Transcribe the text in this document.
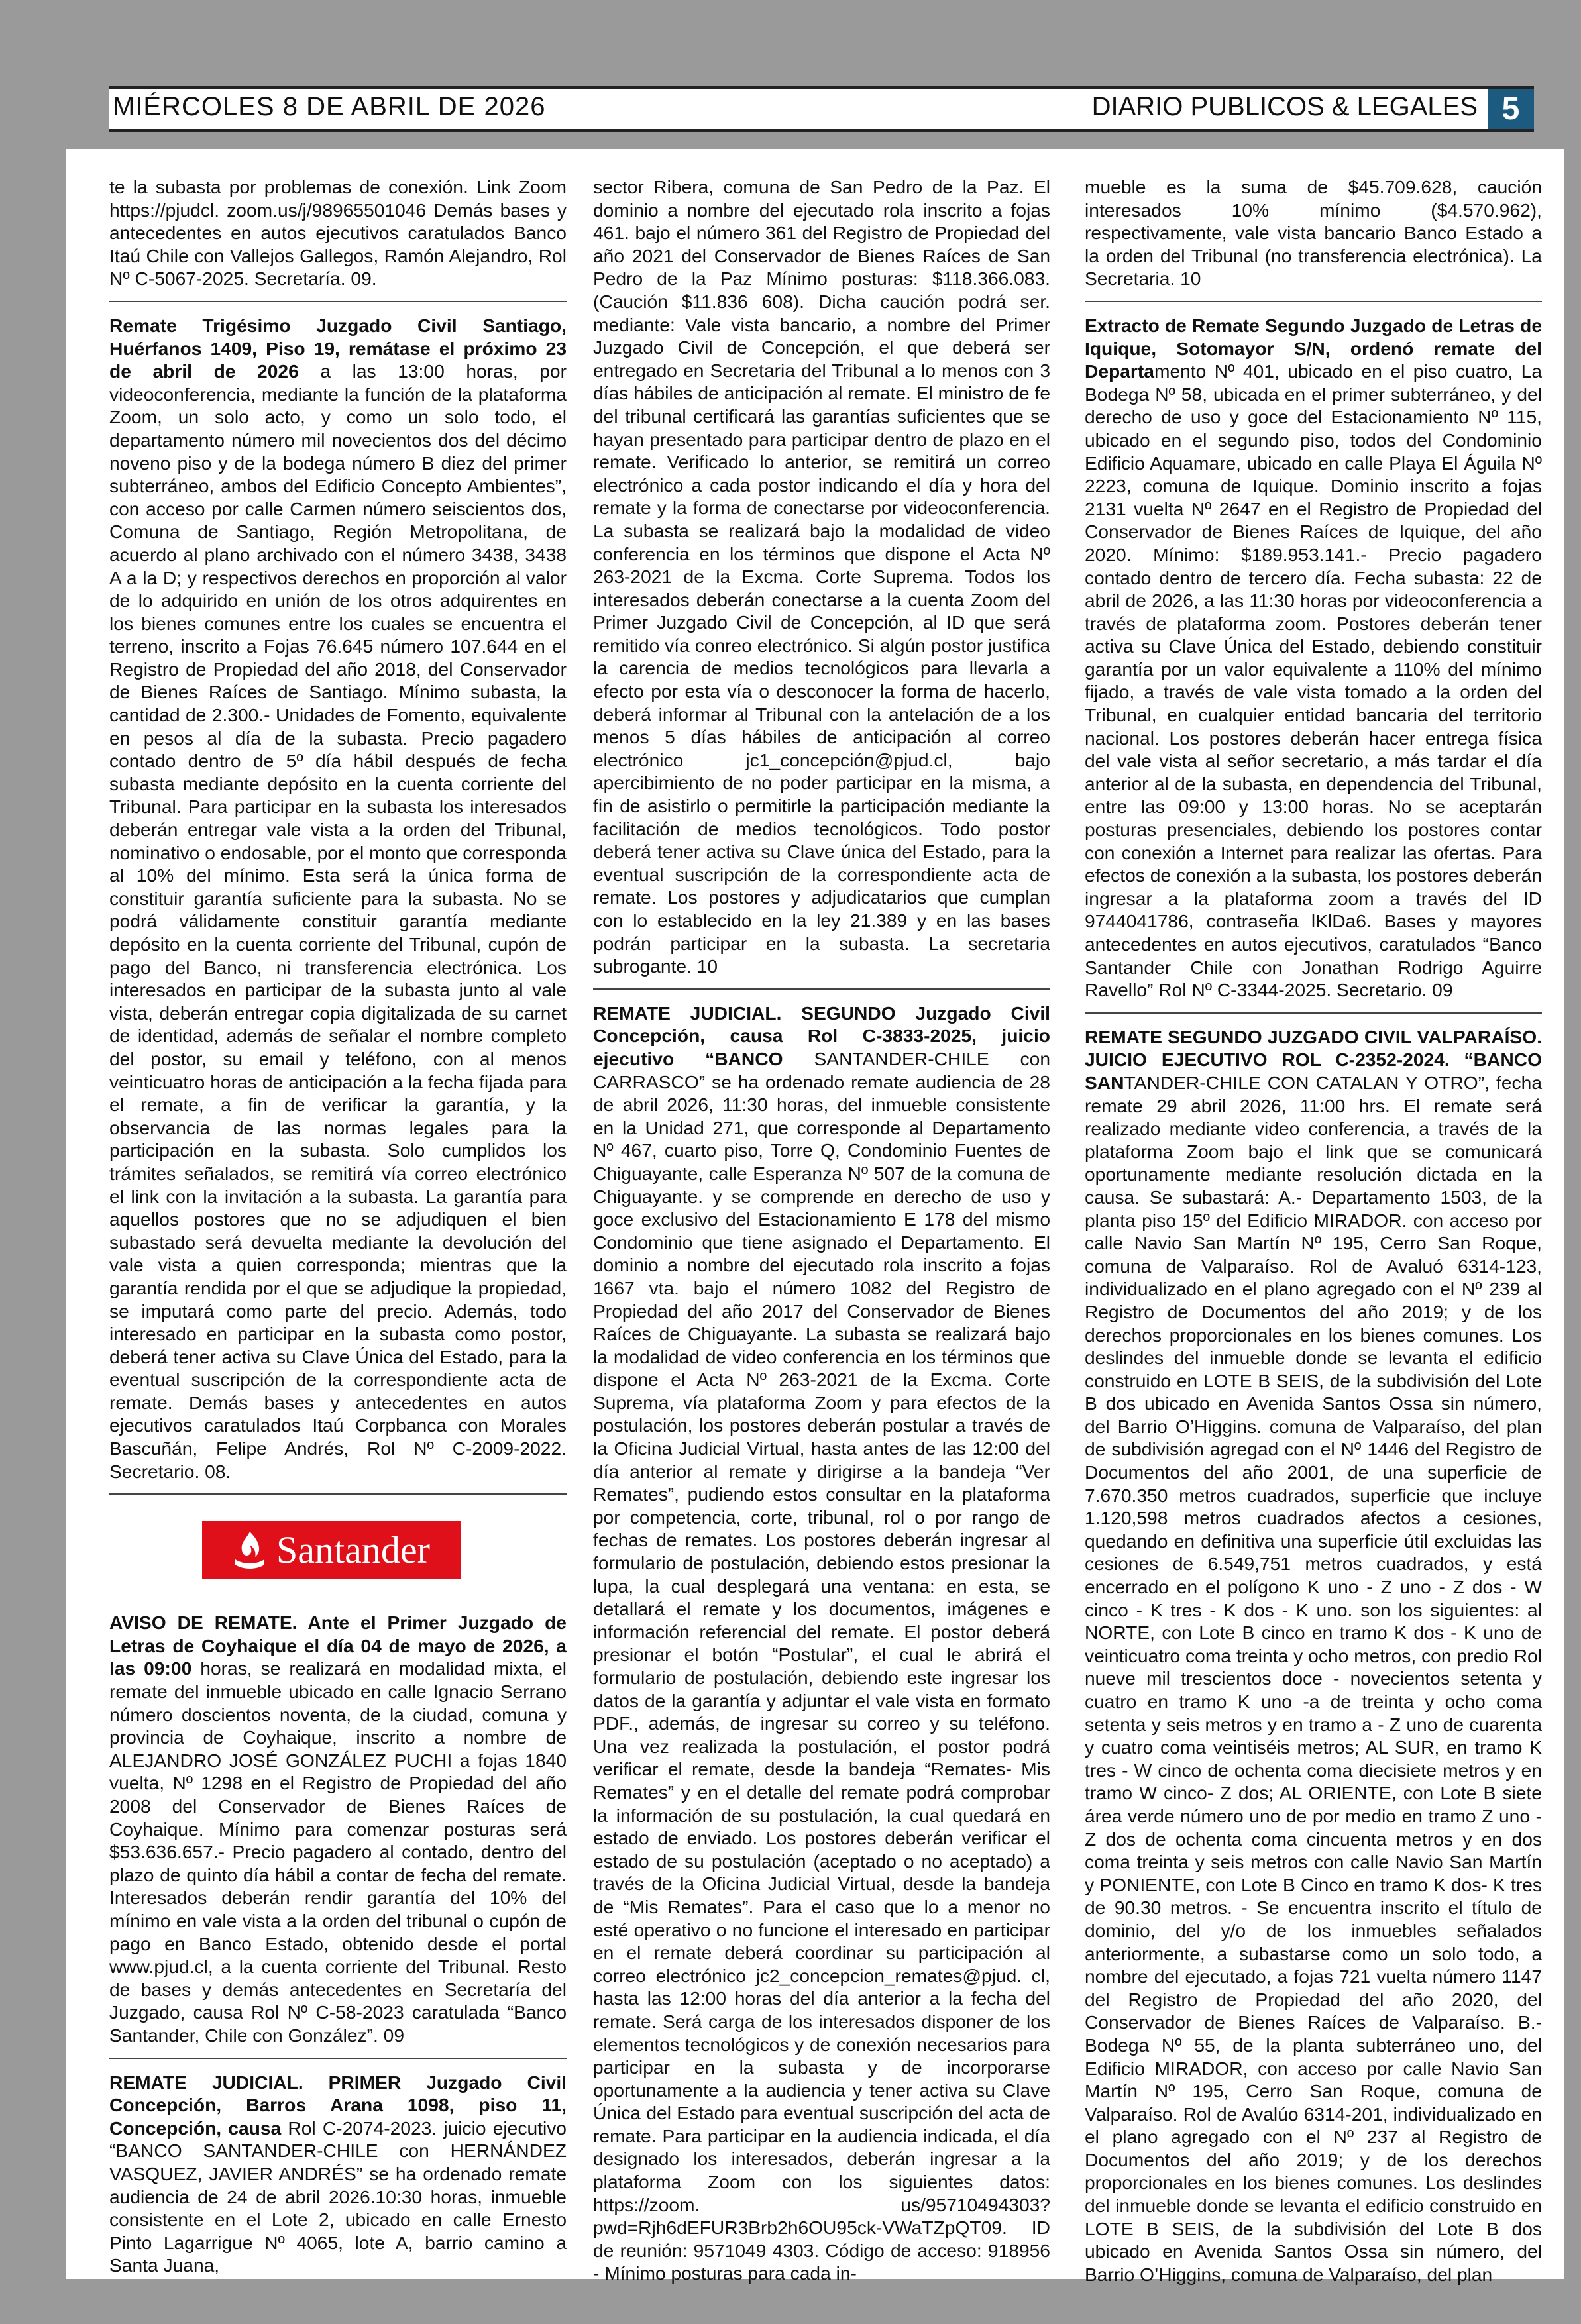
MIÉRCOLES 8 DE ABRIL DE 2026	DIARIO PUBLICOS & LEGALES 5

te la subasta por problemas de conexión. Link Zoom https://pjudcl. zoom.us/j/98965501046 Demás bases y antecedentes en autos ejecutivos caratulados Banco Itaú Chile con Vallejos Gallegos, Ramón Alejandro, Rol Nº C-5067-2025. Secretaría. 09.

Remate Trigésimo Juzgado Civil Santiago, Huérfanos 1409, Piso 19, remátase el próximo 23 de abril de 2026 a las 13:00 horas, por videoconferencia, mediante la función de la plataforma Zoom, un solo acto, y como un solo todo, el departamento número mil novecientos dos del décimo noveno piso y de la bodega número B diez del primer subterráneo, ambos del Edificio Concepto Ambientes”, con acceso por calle Carmen número seiscientos dos, Comuna de Santiago, Región Metropolitana, de acuerdo al plano archivado con el número 3438, 3438 A a la D; y respectivos derechos en proporción al valor de lo adquirido en unión de los otros adquirentes en los bienes comunes entre los cuales se encuentra el terreno, inscrito a Fojas 76.645 número 107.644 en el Registro de Propiedad del año 2018, del Conservador de Bienes Raíces de Santiago. Mínimo subasta, la cantidad de 2.300.- Unidades de Fomento, equivalente en pesos al día de la subasta. Precio pagadero contado dentro de 5º día hábil después de fecha subasta mediante depósito en la cuenta corriente del Tribunal. Para participar en la subasta los interesados deberán entregar vale vista a la orden del Tribunal, nominativo o endosable, por el monto que corresponda al 10% del mínimo. Esta será la única forma de constituir garantía suficiente para la subasta. No se podrá válidamente constituir garantía mediante depósito en la cuenta corriente del Tribunal, cupón de pago del Banco, ni transferencia electrónica. Los interesados en participar de la subasta junto al vale vista, deberán entregar copia digitalizada de su carnet de identidad, además de señalar el nombre completo del postor, su email y teléfono, con al menos veinticuatro horas de anticipación a la fecha fijada para el remate, a fin de verificar la garantía, y la observancia de las normas legales para la participación en la subasta. Solo cumplidos los trámites señalados, se remitirá vía correo electrónico el link con la invitación a la subasta. La garantía para aquellos postores que no se adjudiquen el bien subastado será devuelta mediante la devolución del vale vista a quien corresponda; mientras que la garantía rendida por el que se adjudique la propiedad, se imputará como parte del precio. Además, todo interesado en participar en la subasta como postor, deberá tener activa su Clave Única del Estado, para la eventual suscripción de la correspondiente acta de remate. Demás bases y antecedentes en autos ejecutivos caratulados Itaú Corpbanca con Morales Bascuñán, Felipe Andrés, Rol Nº C-2009-2022. Secretario. 08.

Santander

AVISO DE REMATE. Ante el Primer Juzgado de Letras de Coyhaique el día 04 de mayo de 2026, a las 09:00 horas, se realizará en modalidad mixta, el remate del inmueble ubicado en calle Ignacio Serrano número doscientos noventa, de la ciudad, comuna y provincia de Coyhaique, inscrito a nombre de ALEJANDRO JOSÉ GONZÁLEZ PUCHI a fojas 1840 vuelta, Nº 1298 en el Registro de Propiedad del año 2008 del Conservador de Bienes Raíces de Coyhaique. Mínimo para comenzar posturas será $53.636.657.- Precio pagadero al contado, dentro del plazo de quinto día hábil a contar de fecha del remate. Interesados deberán rendir garantía del 10% del mínimo en vale vista a la orden del tribunal o cupón de pago en Banco Estado, obtenido desde el portal www.pjud.cl, a la cuenta corriente del Tribunal. Resto de bases y demás antecedentes en Secretaría del Juzgado, causa Rol Nº C-58-2023 caratulada “Banco Santander, Chile con González”. 09

REMATE JUDICIAL. PRIMER Juzgado Civil Concepción, Barros Arana 1098, piso 11, Concepción, causa Rol C-2074-2023. juicio ejecutivo “BANCO SANTANDER-CHILE con HERNÁNDEZ VASQUEZ, JAVIER ANDRÉS” se ha ordenado remate audiencia de 24 de abril 2026.10:30 horas, inmueble consistente en el Lote 2, ubicado en calle Ernesto Pinto Lagarrigue Nº 4065, lote A, barrio camino a Santa Juana,

sector Ribera, comuna de San Pedro de la Paz. El dominio a nombre del ejecutado rola inscrito a fojas 461. bajo el número 361 del Registro de Propiedad del año 2021 del Conservador de Bienes Raíces de San Pedro de la Paz Mínimo posturas: $118.366.083. (Caución $11.836 608). Dicha caución podrá ser. mediante: Vale vista bancario, a nombre del Primer Juzgado Civil de Concepción, el que deberá ser entregado en Secretaria del Tribunal a lo menos con 3 días hábiles de anticipación al remate. El ministro de fe del tribunal certificará las garantías suficientes que se hayan presentado para participar dentro de plazo en el remate. Verificado lo anterior, se remitirá un correo electrónico a cada postor indicando el día y hora del remate y la forma de conectarse por videoconferencia. La subasta se realizará bajo la modalidad de video conferencia en los términos que dispone el Acta Nº 263-2021 de la Excma. Corte Suprema. Todos los interesados deberán conectarse a la cuenta Zoom del Primer Juzgado Civil de Concepción, al ID que será remitido vía conreo electrónico. Si algún postor justifica la carencia de medios tecnológicos para llevarla a efecto por esta vía o desconocer la forma de hacerlo, deberá informar al Tribunal con la antelación de a los menos 5 días hábiles de anticipación al correo electrónico jc1_concepción@pjud.cl, bajo apercibimiento de no poder participar en la misma, a fin de asistirlo o permitirle la participación mediante la facilitación de medios tecnológicos. Todo postor deberá tener activa su Clave única del Estado, para la eventual suscripción de la correspondiente acta de remate. Los postores y adjudicatarios que cumplan con lo establecido en la ley 21.389 y en las bases podrán participar en la subasta. La secretaria subrogante. 10

REMATE JUDICIAL. SEGUNDO Juzgado Civil Concepción, causa Rol C-3833-2025, juicio ejecutivo “BANCO SANTANDER-CHILE con CARRASCO” se ha ordenado remate audiencia de 28 de abril 2026, 11:30 horas, del inmueble consistente en la Unidad 271, que corresponde al Departamento Nº 467, cuarto piso, Torre Q, Condominio Fuentes de Chiguayante, calle Esperanza Nº 507 de la comuna de Chiguayante. y se comprende en derecho de uso y goce exclusivo del Estacionamiento E 178 del mismo Condominio que tiene asignado el Departamento. El dominio a nombre del ejecutado rola inscrito a fojas 1667 vta. bajo el número 1082 del Registro de Propiedad del año 2017 del Conservador de Bienes Raíces de Chiguayante. La subasta se realizará bajo la modalidad de video conferencia en los términos que dispone el Acta Nº 263-2021 de la Excma. Corte Suprema, vía plataforma Zoom y para efectos de la postulación, los postores deberán postular a través de la Oficina Judicial Virtual, hasta antes de las 12:00 del día anterior al remate y dirigirse a la bandeja “Ver Remates”, pudiendo estos consultar en la plataforma por competencia, corte, tribunal, rol o por rango de fechas de remates. Los postores deberán ingresar al formulario de postulación, debiendo estos presionar la lupa, la cual desplegará una ventana: en esta, se detallará el remate y los documentos, imágenes e información referencial del remate. El postor deberá presionar el botón “Postular”, el cual le abrirá el formulario de postulación, debiendo este ingresar los datos de la garantía y adjuntar el vale vista en formato PDF., además, de ingresar su correo y su teléfono. Una vez realizada la postulación, el postor podrá verificar el remate, desde la bandeja “Remates- Mis Remates” y en el detalle del remate podrá comprobar la información de su postulación, la cual quedará en estado de enviado. Los postores deberán verificar el estado de su postulación (aceptado o no aceptado) a través de la Oficina Judicial Virtual, desde la bandeja de “Mis Remates”. Para el caso que lo a menor no esté operativo o no funcione el interesado en participar en el remate deberá coordinar su participación al correo electrónico jc2_concepcion_remates@pjud. cl, hasta las 12:00 horas del día anterior a la fecha del remate. Será carga de los interesados disponer de los elementos tecnológicos y de conexión necesarios para participar en la subasta y de incorporarse oportunamente a la audiencia y tener activa su Clave Única del Estado para eventual suscripción del acta de remate. Para participar en la audiencia indicada, el día designado los interesados, deberán ingresar a la plataforma Zoom con los siguientes datos: https://zoom. us/95710494303?pwd=Rjh6dEFUR3Brb2h6OU95ck-VWaTZpQT09. ID de reunión: 9571049 4303. Código de acceso: 918956 - Mínimo posturas para cada in-

mueble es la suma de $45.709.628, caución interesados 10% mínimo ($4.570.962), respectivamente, vale vista bancario Banco Estado a la orden del Tribunal (no transferencia electrónica). La Secretaria. 10

Extracto de Remate Segundo Juzgado de Letras de Iquique, Sotomayor S/N, ordenó remate del Departamento Nº 401, ubicado en el piso cuatro, La Bodega Nº 58, ubicada en el primer subterráneo, y del derecho de uso y goce del Estacionamiento Nº 115, ubicado en el segundo piso, todos del Condominio Edificio Aquamare, ubicado en calle Playa El Águila Nº 2223, comuna de Iquique. Dominio inscrito a fojas 2131 vuelta Nº 2647 en el Registro de Propiedad del Conservador de Bienes Raíces de Iquique, del año 2020. Mínimo: $189.953.141.- Precio pagadero contado dentro de tercero día. Fecha subasta: 22 de abril de 2026, a las 11:30 horas por videoconferencia a través de plataforma zoom. Postores deberán tener activa su Clave Única del Estado, debiendo constituir garantía por un valor equivalente a 110% del mínimo fijado, a través de vale vista tomado a la orden del Tribunal, en cualquier entidad bancaria del territorio nacional. Los postores deberán hacer entrega física del vale vista al señor secretario, a más tardar el día anterior al de la subasta, en dependencia del Tribunal, entre las 09:00 y 13:00 horas. No se aceptarán posturas presenciales, debiendo los postores contar con conexión a Internet para realizar las ofertas. Para efectos de conexión a la subasta, los postores deberán ingresar a la plataforma zoom a través del ID 9744041786, contraseña lKlDa6. Bases y mayores antecedentes en autos ejecutivos, caratulados “Banco Santander Chile con Jonathan Rodrigo Aguirre Ravello” Rol Nº C-3344-2025. Secretario. 09

REMATE SEGUNDO JUZGADO CIVIL VALPARAÍSO. JUICIO EJECUTIVO ROL C-2352-2024. “BANCO SANTANDER-CHILE CON CATALAN Y OTRO”, fecha remate 29 abril 2026, 11:00 hrs. El remate será realizado mediante video conferencia, a través de la plataforma Zoom bajo el link que se comunicará oportunamente mediante resolución dictada en la causa. Se subastará: A.- Departamento 1503, de la planta piso 15º del Edificio MIRADOR. con acceso por calle Navio San Martín Nº 195, Cerro San Roque, comuna de Valparaíso. Rol de Avaluó 6314-123, individualizado en el plano agregado con el Nº 239 al Registro de Documentos del año 2019; y de los derechos proporcionales en los bienes comunes. Los deslindes del inmueble donde se levanta el edificio construido en LOTE B SEIS, de la subdivisión del Lote B dos ubicado en Avenida Santos Ossa sin número, del Barrio O’Higgins. comuna de Valparaíso, del plan de subdivisión agregad con el Nº 1446 del Registro de Documentos del año 2001, de una superficie de 7.670.350 metros cuadrados, superficie que incluye 1.120,598 metros cuadrados afectos a cesiones, quedando en definitiva una superficie útil excluidas las cesiones de 6.549,751 metros cuadrados, y está encerrado en el polígono K uno - Z uno - Z dos - W cinco - K tres - K dos - K uno. son los siguientes: al NORTE, con Lote B cinco en tramo K dos - K uno de veinticuatro coma treinta y ocho metros, con predio Rol nueve mil trescientos doce - novecientos setenta y cuatro en tramo K uno -a de treinta y ocho coma setenta y seis metros y en tramo a - Z uno de cuarenta y cuatro coma veintiséis metros; AL SUR, en tramo K tres - W cinco de ochenta coma diecisiete metros y en tramo W cinco- Z dos; AL ORIENTE, con Lote B siete área verde número uno de por medio en tramo Z uno - Z dos de ochenta coma cincuenta metros y en dos coma treinta y seis metros con calle Navio San Martín y PONIENTE, con Lote B Cinco en tramo K dos- K tres de 90.30 metros. - Se encuentra inscrito el título de dominio, del y/o de los inmuebles señalados anteriormente, a subastarse como un solo todo, a nombre del ejecutado, a fojas 721 vuelta número 1147 del Registro de Propiedad del año 2020, del Conservador de Bienes Raíces de Valparaíso. B.-Bodega Nº 55, de la planta subterráneo uno, del Edificio MIRADOR, con acceso por calle Navio San Martín Nº 195, Cerro San Roque, comuna de Valparaíso. Rol de Avalúo 6314-201, individualizado en el plano agregado con el Nº 237 al Registro de Documentos del año 2019; y de los derechos proporcionales en los bienes comunes. Los deslindes del inmueble donde se levanta el edificio construido en LOTE B SEIS, de la subdivisión del Lote B dos ubicado en Avenida Santos Ossa sin número, del Barrio O’Higgins, comuna de Valparaíso, del plan
